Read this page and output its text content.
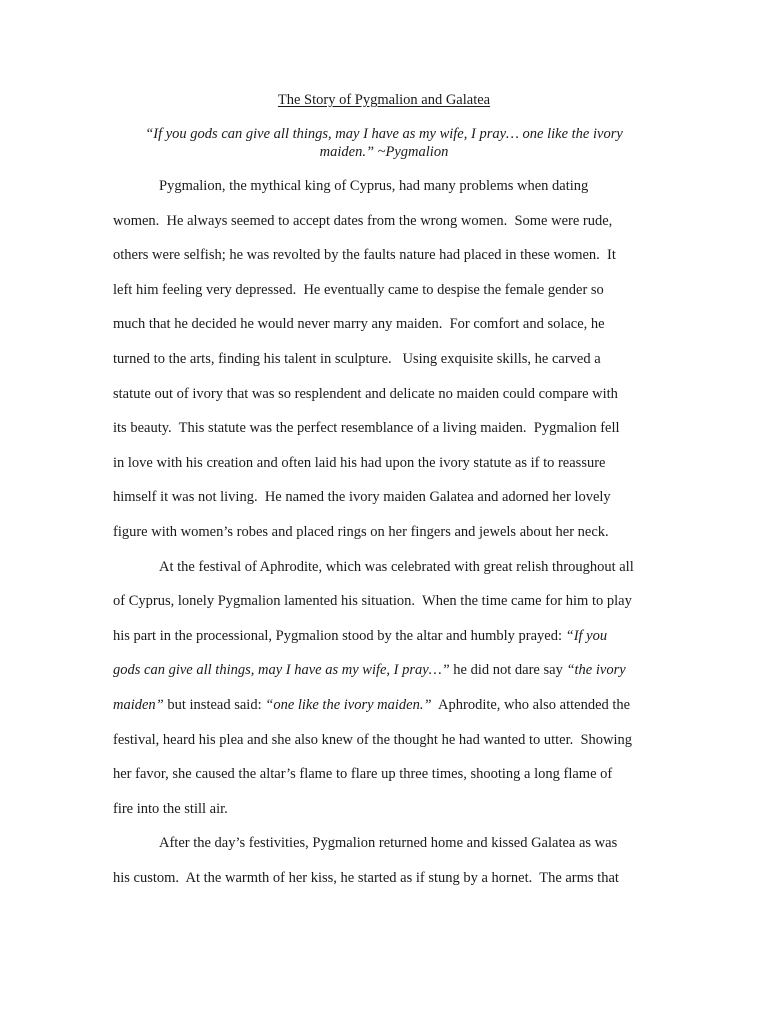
The Story of Pygmalion and Galatea
“If you gods can give all things, may I have as my wife, I pray… one like the ivory
maiden.” ~Pygmalion
Pygmalion, the mythical king of Cyprus, had many problems when dating
women.  He always seemed to accept dates from the wrong women.  Some were rude,
others were selfish; he was revolted by the faults nature had placed in these women.  It
left him feeling very depressed.  He eventually came to despise the female gender so
much that he decided he would never marry any maiden.  For comfort and solace, he
turned to the arts, finding his talent in sculpture.   Using exquisite skills, he carved a
statute out of ivory that was so resplendent and delicate no maiden could compare with
its beauty.  This statute was the perfect resemblance of a living maiden.  Pygmalion fell
in love with his creation and often laid his had upon the ivory statute as if to reassure
himself it was not living.  He named the ivory maiden Galatea and adorned her lovely
figure with women’s robes and placed rings on her fingers and jewels about her neck.
At the festival of Aphrodite, which was celebrated with great relish throughout all
of Cyprus, lonely Pygmalion lamented his situation.  When the time came for him to play
his part in the processional, Pygmalion stood by the altar and humbly prayed: “If you
gods can give all things, may I have as my wife, I pray…” he did not dare say “the ivory
maiden” but instead said: “one like the ivory maiden.”  Aphrodite, who also attended the
festival, heard his plea and she also knew of the thought he had wanted to utter.  Showing
her favor, she caused the altar’s flame to flare up three times, shooting a long flame of
fire into the still air.
After the day’s festivities, Pygmalion returned home and kissed Galatea as was
his custom.  At the warmth of her kiss, he started as if stung by a hornet.  The arms that
